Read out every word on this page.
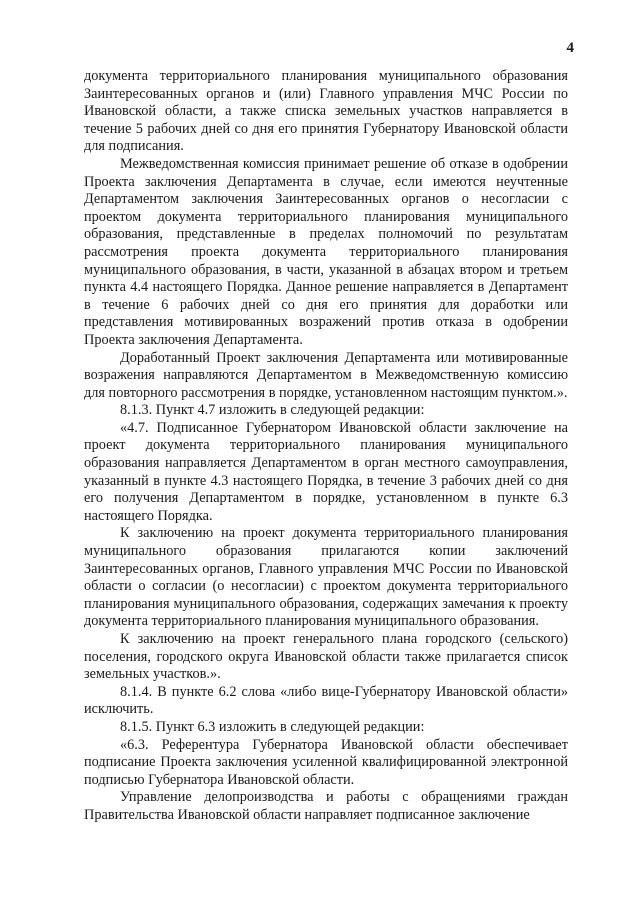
4

документа территориального планирования муниципального образования Заинтересованных органов и (или) Главного управления МЧС России по Ивановской области, а также списка земельных участков направляется в течение 5 рабочих дней со дня его принятия Губернатору Ивановской области для подписания.

Межведомственная комиссия принимает решение об отказе в одобрении Проекта заключения Департамента в случае, если имеются неучтенные Департаментом заключения Заинтересованных органов о несогласии с проектом документа территориального планирования муниципального образования, представленные в пределах полномочий по результатам рассмотрения проекта документа территориального планирования муниципального образования, в части, указанной в абзацах втором и третьем пункта 4.4 настоящего Порядка. Данное решение направляется в Департамент в течение 6 рабочих дней со дня его принятия для доработки или представления мотивированных возражений против отказа в одобрении Проекта заключения Департамента.

Доработанный Проект заключения Департамента или мотивированные возражения направляются Департаментом в Межведомственную комиссию для повторного рассмотрения в порядке, установленном настоящим пунктом.».

8.1.3. Пункт 4.7 изложить в следующей редакции:

«4.7. Подписанное Губернатором Ивановской области заключение на проект документа территориального планирования муниципального образования направляется Департаментом в орган местного самоуправления, указанный в пункте 4.3 настоящего Порядка, в течение 3 рабочих дней со дня его получения Департаментом в порядке, установленном в пункте 6.3 настоящего Порядка.

К заключению на проект документа территориального планирования муниципального образования прилагаются копии заключений Заинтересованных органов, Главного управления МЧС России по Ивановской области о согласии (о несогласии) с проектом документа территориального планирования муниципального образования, содержащих замечания к проекту документа территориального планирования муниципального образования.

К заключению на проект генерального плана городского (сельского) поселения, городского округа Ивановской области также прилагается список земельных участков.».

8.1.4. В пункте 6.2 слова «либо вице-Губернатору Ивановской области» исключить.

8.1.5. Пункт 6.3 изложить в следующей редакции:

«6.3. Референтура Губернатора Ивановской области обеспечивает подписание Проекта заключения усиленной квалифицированной электронной подписью Губернатора Ивановской области.

Управление делопроизводства и работы с обращениями граждан Правительства Ивановской области направляет подписанное заключение
